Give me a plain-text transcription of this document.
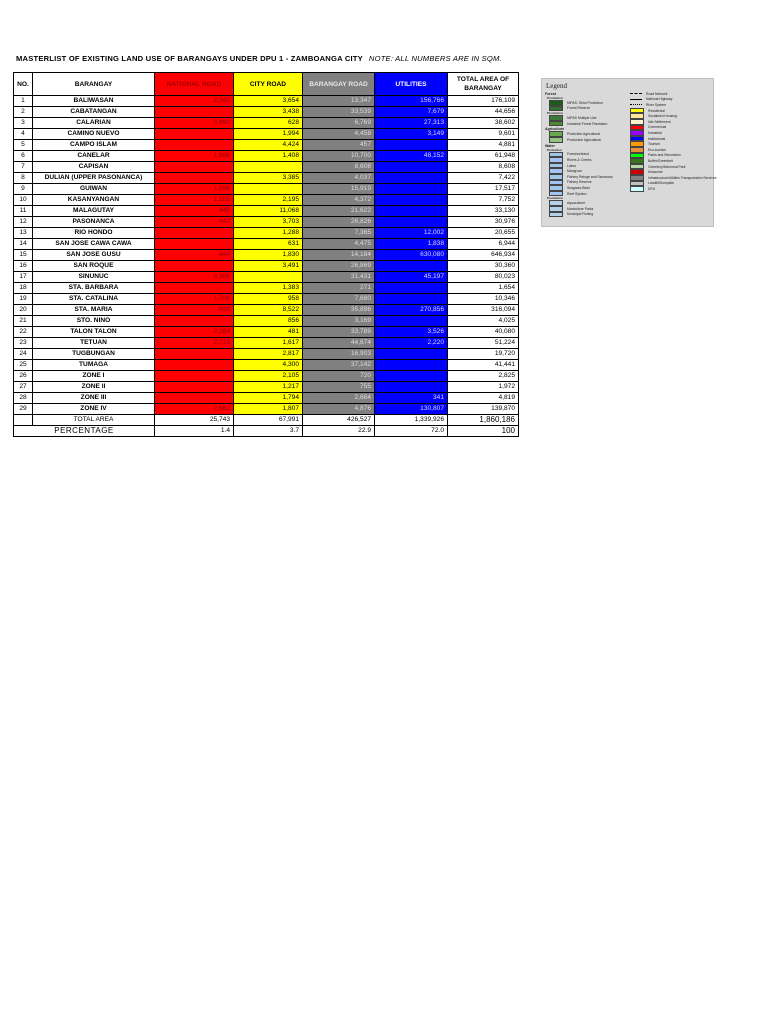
MASTERLIST OF EXISTING LAND USE OF BARANGAYS UNDER DPU 1 - ZAMBOANGA CITY NOTE: ALL NUMBERS ARE IN SQM.
NO.	BARANGAY	NATIONAL ROAD	CITY ROAD	BARANGAY ROAD	UTILITIES	TOTAL AREA OF BARANGAY
1	BALIWASAN	2,342	3,654	13,347	156,766	176,109
2	CABATANGAN		3,438	33,539	7,679	44,656
3	CALARIAN	3,892	628	6,769	27,313	38,602
4	CAMINO NUEVO		1,994	4,458	3,149	9,601
5	CAMPO ISLAM		4,424	457		4,881
6	CANELAR	1,688	1,408	10,700	48,152	61,948
7	CAPISAN			8,608		8,608
8	DULIAN (UPPER PASONANCA)		3,385	4,037		7,422
9	GUIWAN	1,598		15,919		17,517
10	KASANYANGAN	1,185	2,195	4,372		7,752
11	MALAGUTAY	440	11,068	21,622		33,130
12	PASONANCA	447	3,703	26,826		30,976
13	RIO HONDO		1,288	7,365	12,002	20,655
14	SAN JOSE CAWA CAWA		631	4,475	1,838	6,944
15	SAN JOSE GUSU	840	1,830	14,184	630,080	646,934
16	SAN ROQUE		3,491	26,869		30,360
17	SINUNUC	3,395		31,431	45,197	80,023
18	STA. BARBARA		1,383	271		1,654
19	STA. CATALINA	1,708	958	7,680		10,346
20	STA. MARIA	820	8,522	35,896	270,856	316,094
21	STO. NINO		856	3,169		4,025
22	TALON TALON	2,284	481	33,789	3,526	40,080
23	TETUAN	2,713	1,617	44,674	2,220	51,224
24	TUGBUNGAN		2,817	16,903		19,720
25	TUMAGA		4,300	37,142		41,441
26	ZONE I		2,105	720		2,825
27	ZONE II		1,217	755		1,972
28	ZONE III		1,794	2,684	341	4,819
29	ZONE IV	2,561	1,807	4,876	130,807	139,870
	TOTAL AREA	25,743	67,991	426,527	1,339,926	1,860,186
PERCENTAGE		1.4	3.7	22.9	72.0	100
Legend
Forest
Production
NIPAS: Strict Protection
Forest Reserve
Production
NIPAS Multiple Use
Industrial Forest Plantation
Agriculture
Protection Agricultural
Production Agricultural
Water
Protection
Foreshoreland
Rivers & Creeks
Lakes
Mangrove
Fishery Refuge and Sanctuary
Fishery Reserve
Seagrass Beds
Reef System
Production
Aquaculture
Mariculture Parks
Municipal Fishing
Road Network
National Highway
River System
Residential
Socialized Housing
Idle Settlement
Commercial
Industrial
Institutional
Tourism
Eco-tourism
Parks and Recreation
Buffer/Greenbelt
Cemetery/Memorial Park
Mossome
Infrastructure/Utilities Transportation Services
Landfill/Dumpsite
DPU
